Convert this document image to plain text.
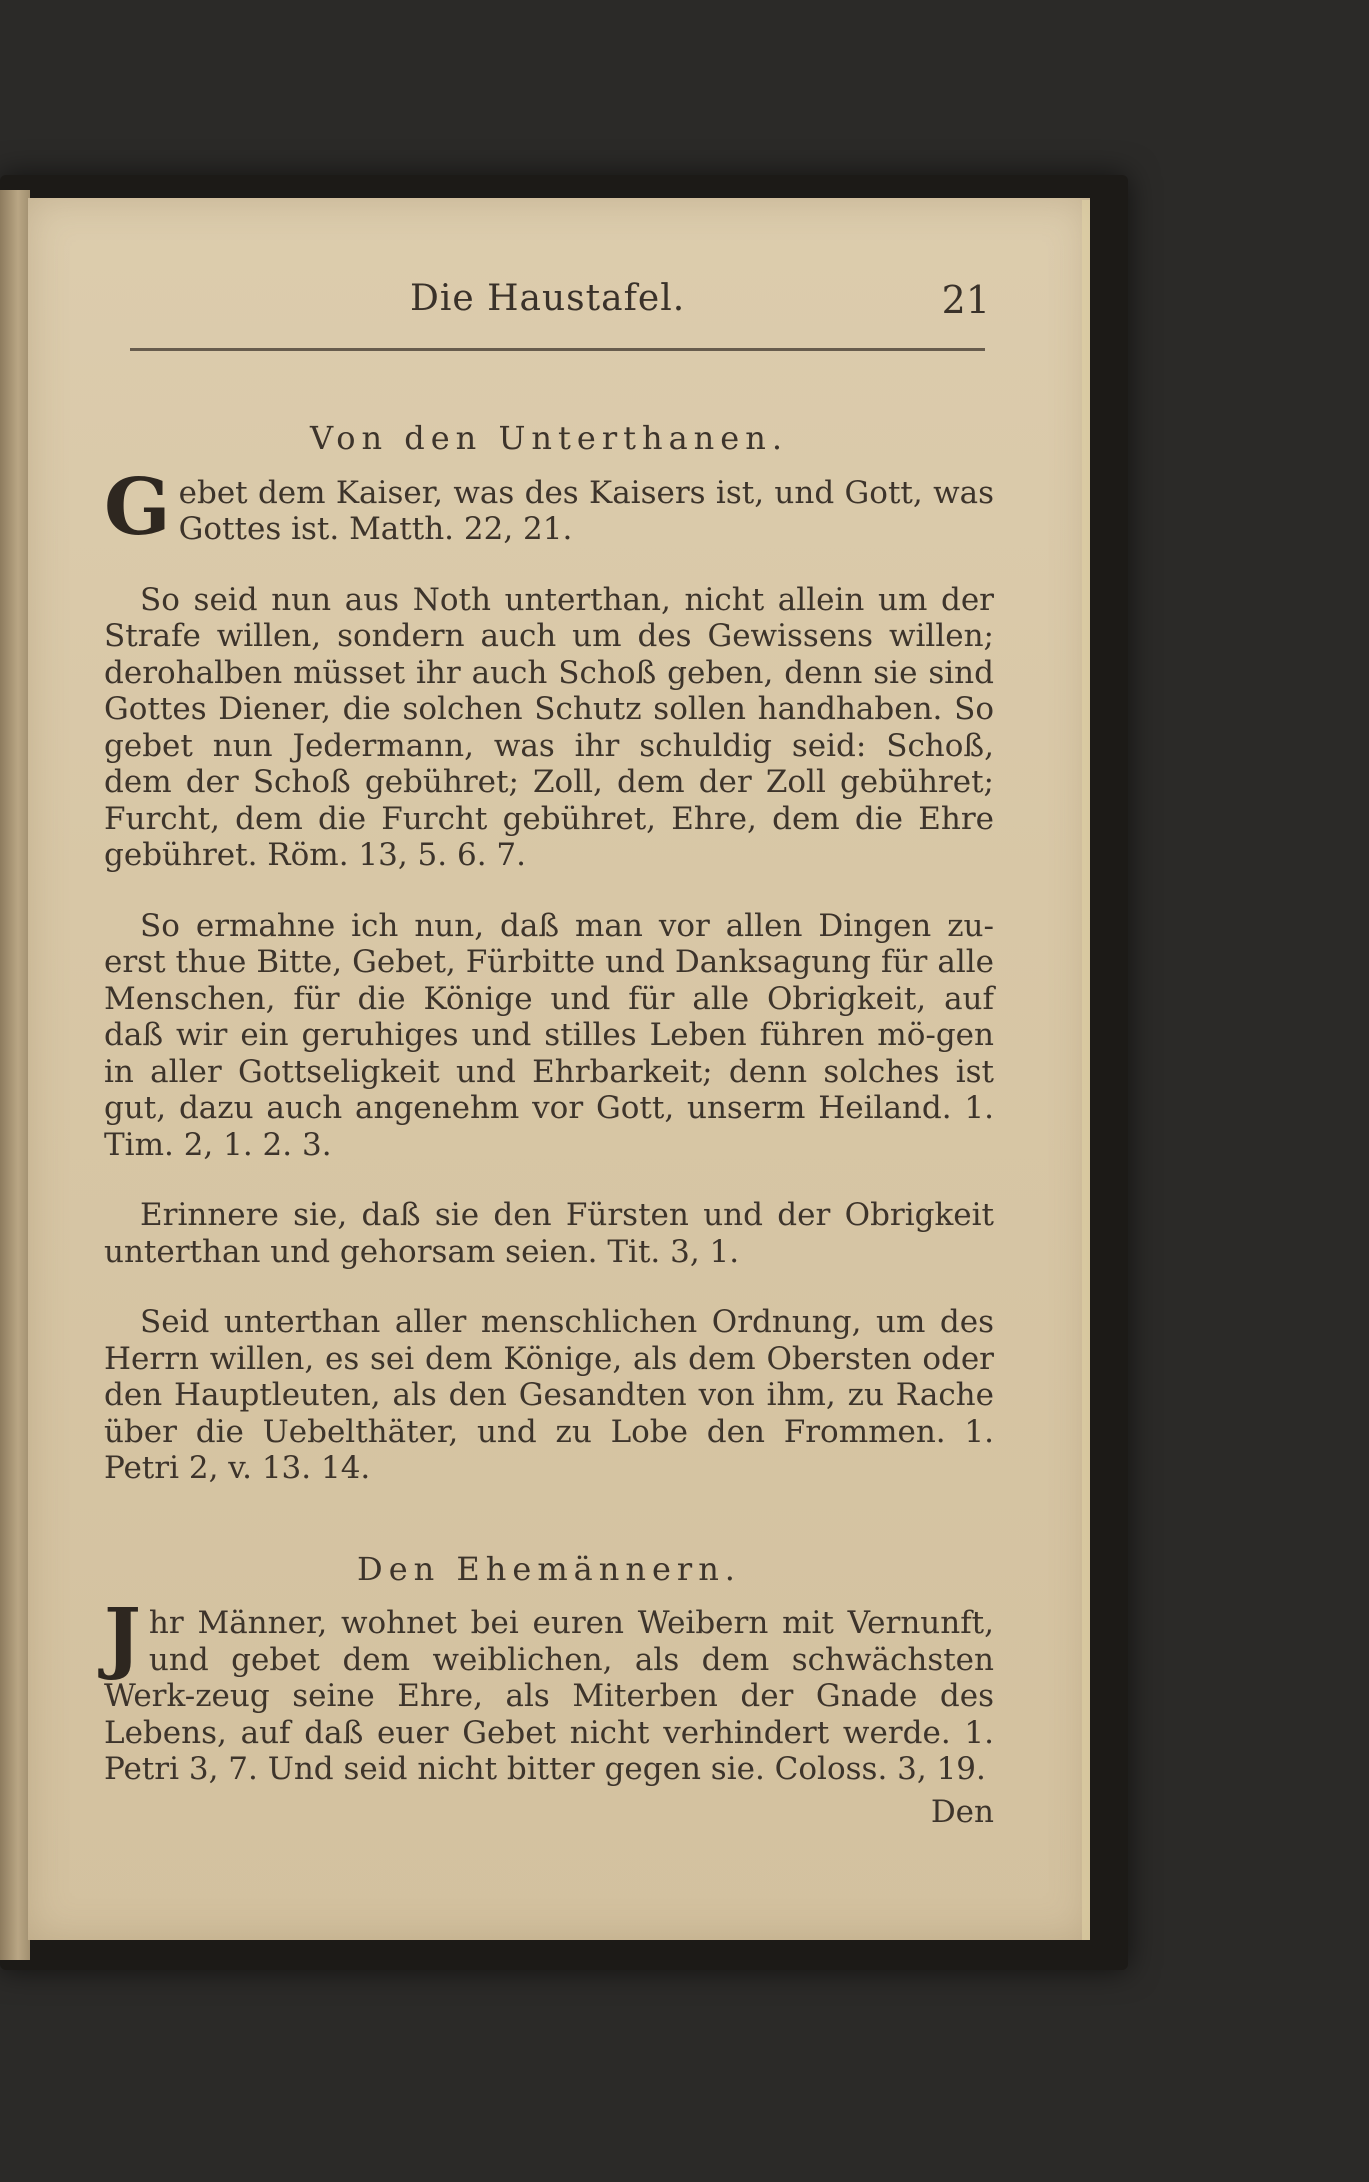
Die Haustafel.	21
Von den Unterthanen.

Gebet dem Kaiser, was des Kaisers ist, und Gott, was Gottes ist. Matth. 22, 21.

So seid nun aus Noth unterthan, nicht allein um der Strafe willen, sondern auch um des Gewissens willen; derohalben müsset ihr auch Schoß geben, denn sie sind Gottes Diener, die solchen Schutz sollen handhaben. So gebet nun Jedermann, was ihr schuldig seid: Schoß, dem der Schoß gebühret; Zoll, dem der Zoll gebühret; Furcht, dem die Furcht gebühret, Ehre, dem die Ehre gebühret. Röm. 13, 5. 6. 7.

So ermahne ich nun, daß man vor allen Dingen zu-erst thue Bitte, Gebet, Fürbitte und Danksagung für alle Menschen, für die Könige und für alle Obrigkeit, auf daß wir ein geruhiges und stilles Leben führen mö-gen in aller Gottseligkeit und Ehrbarkeit; denn solches ist gut, dazu auch angenehm vor Gott, unserm Heiland. 1. Tim. 2, 1. 2. 3.

Erinnere sie, daß sie den Fürsten und der Obrigkeit unterthan und gehorsam seien. Tit. 3, 1.

Seid unterthan aller menschlichen Ordnung, um des Herrn willen, es sei dem Könige, als dem Obersten oder den Hauptleuten, als den Gesandten von ihm, zu Rache über die Uebelthäter, und zu Lobe den Frommen. 1. Petri 2, v. 13. 14.

Den Ehemännern.

Jhr Männer, wohnet bei euren Weibern mit Vernunft, und gebet dem weiblichen, als dem schwächsten Werk-zeug seine Ehre, als Miterben der Gnade des Lebens, auf daß euer Gebet nicht verhindert werde. 1. Petri 3, 7. Und seid nicht bitter gegen sie. Coloss. 3, 19.

Den
